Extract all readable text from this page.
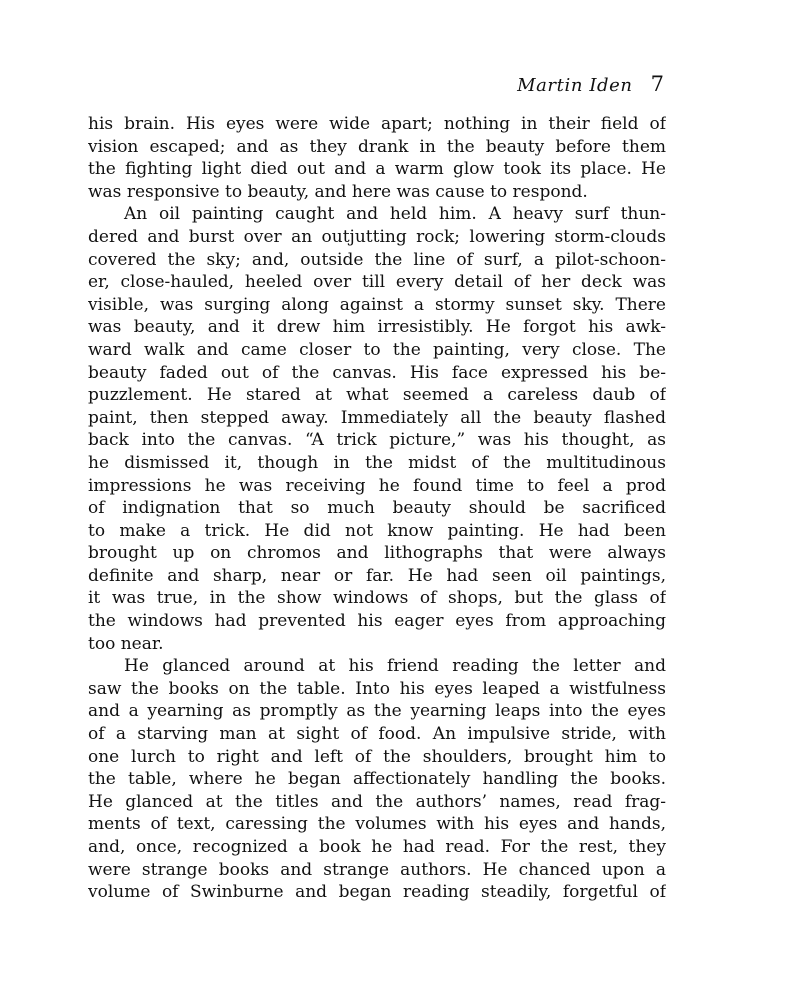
Martin Iden 7
his brain. His eyes were wide apart; nothing in their field of
vision escaped; and as they drank in the beauty before them
the fighting light died out and a warm glow took its place. He
was responsive to beauty, and here was cause to respond.
An oil painting caught and held him. A heavy surf thun-
dered and burst over an outjutting rock; lowering storm-clouds
covered the sky; and, outside the line of surf, a pilot-schoon-
er, close-hauled, heeled over till every detail of her deck was
visible, was surging along against a stormy sunset sky. There
was beauty, and it drew him irresistibly. He forgot his awk-
ward walk and came closer to the painting, very close. The
beauty faded out of the canvas. His face expressed his be-
puzzlement. He stared at what seemed a careless daub of
paint, then stepped away. Immediately all the beauty flashed
back into the canvas. “A trick picture,” was his thought, as
he dismissed it, though in the midst of the multitudinous
impressions he was receiving he found time to feel a prod
of indignation that so much beauty should be sacrificed
to make a trick. He did not know painting. He had been
brought up on chromos and lithographs that were always
definite and sharp, near or far. He had seen oil paintings,
it was true, in the show windows of shops, but the glass of
the windows had prevented his eager eyes from approaching
too near.
He glanced around at his friend reading the letter and
saw the books on the table. Into his eyes leaped a wistfulness
and a yearning as promptly as the yearning leaps into the eyes
of a starving man at sight of food. An impulsive stride, with
one lurch to right and left of the shoulders, brought him to
the table, where he began affectionately handling the books.
He glanced at the titles and the authors’ names, read frag-
ments of text, caressing the volumes with his eyes and hands,
and, once, recognized a book he had read. For the rest, they
were strange books and strange authors. He chanced upon a
volume of Swinburne and began reading steadily, forgetful of
